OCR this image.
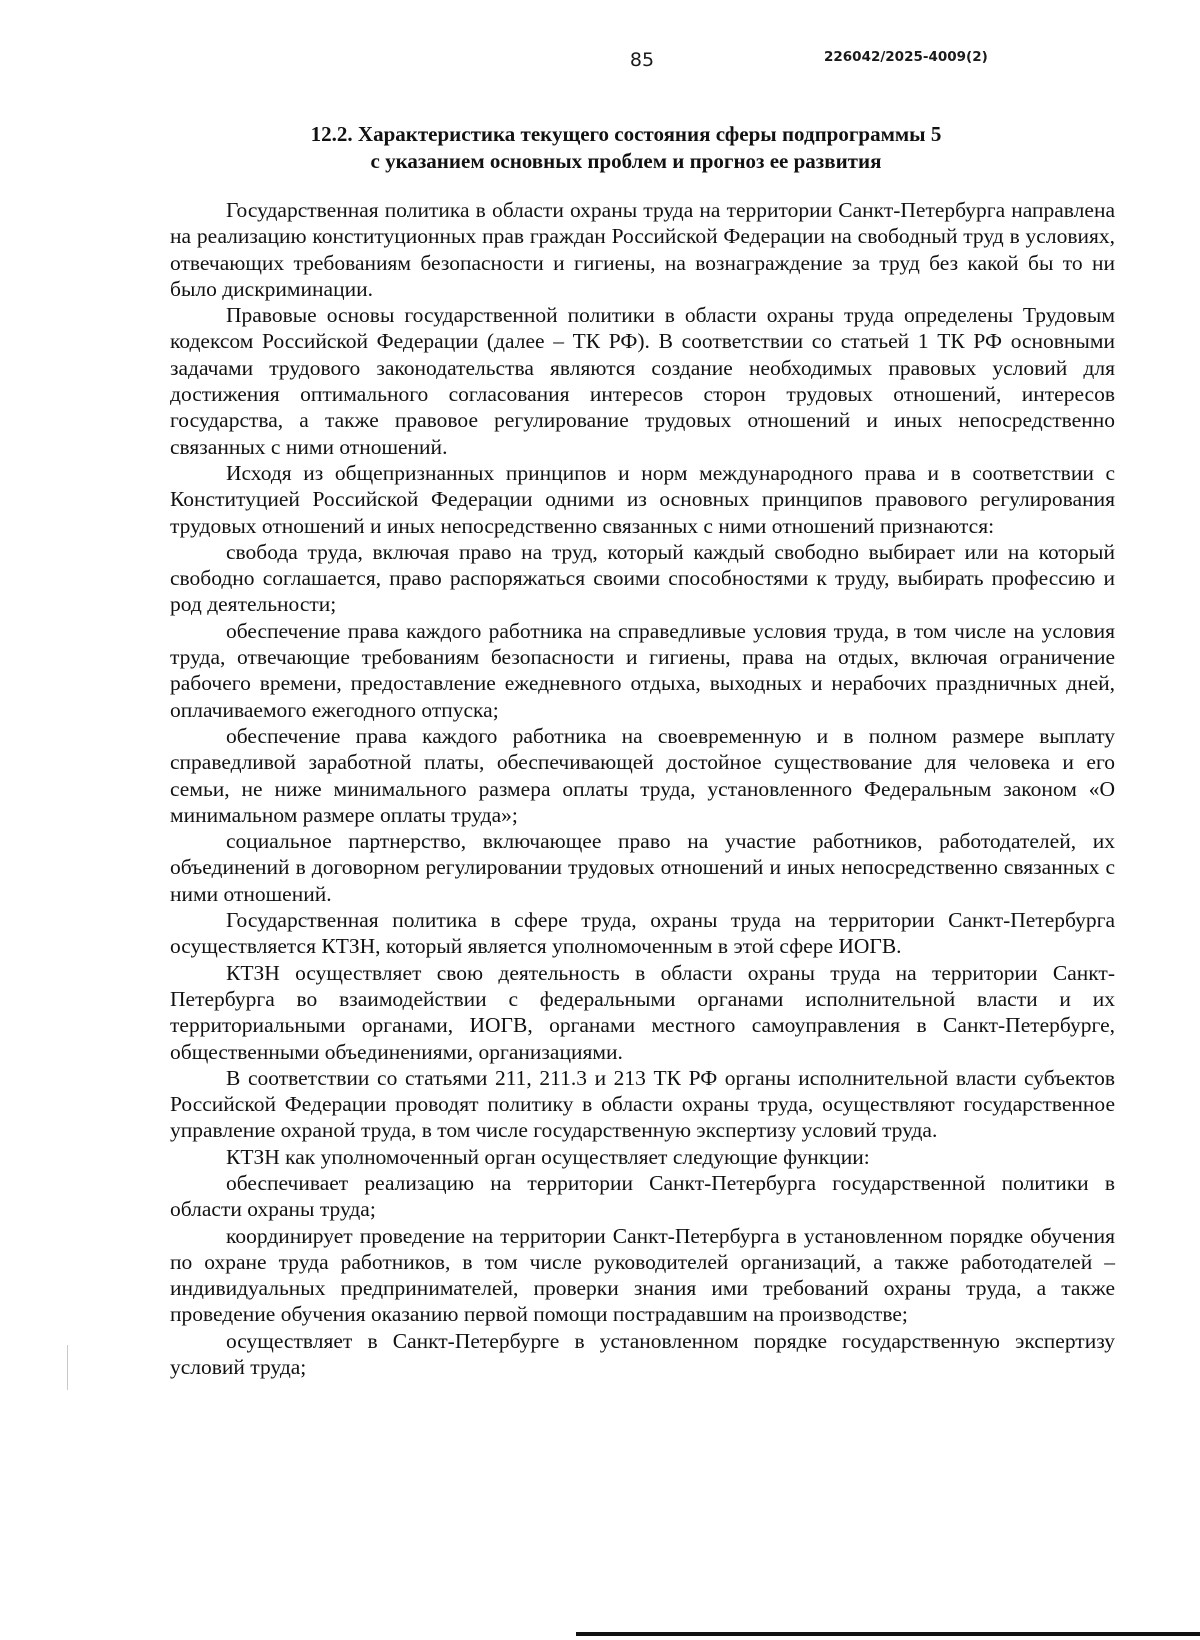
85	226042/2025-4009(2)
12.2. Характеристика текущего состояния сферы подпрограммы 5
с указанием основных проблем и прогноз ее развития

Государственная политика в области охраны труда на территории Санкт-Петербурга направлена на реализацию конституционных прав граждан Российской Федерации на свободный труд в условиях, отвечающих требованиям безопасности и гигиены, на вознаграждение за труд без какой бы то ни было дискриминации.

Правовые основы государственной политики в области охраны труда определены Трудовым кодексом Российской Федерации (далее – ТК РФ). В соответствии со статьей 1 ТК РФ основными задачами трудового законодательства являются создание необходимых правовых условий для достижения оптимального согласования интересов сторон трудовых отношений, интересов государства, а также правовое регулирование трудовых отношений и иных непосредственно связанных с ними отношений.

Исходя из общепризнанных принципов и норм международного права и в соответствии с Конституцией Российской Федерации одними из основных принципов правового регулирования трудовых отношений и иных непосредственно связанных с ними отношений признаются:

свобода труда, включая право на труд, который каждый свободно выбирает или на который свободно соглашается, право распоряжаться своими способностями к труду, выбирать профессию и род деятельности;

обеспечение права каждого работника на справедливые условия труда, в том числе на условия труда, отвечающие требованиям безопасности и гигиены, права на отдых, включая ограничение рабочего времени, предоставление ежедневного отдыха, выходных и нерабочих праздничных дней, оплачиваемого ежегодного отпуска;

обеспечение права каждого работника на своевременную и в полном размере выплату справедливой заработной платы, обеспечивающей достойное существование для человека и его семьи, не ниже минимального размера оплаты труда, установленного Федеральным законом «О минимальном размере оплаты труда»;

социальное партнерство, включающее право на участие работников, работодателей, их объединений в договорном регулировании трудовых отношений и иных непосредственно связанных с ними отношений.

Государственная политика в сфере труда, охраны труда на территории Санкт-Петербурга осуществляется КТЗН, который является уполномоченным в этой сфере ИОГВ.

КТЗН осуществляет свою деятельность в области охраны труда на территории Санкт-Петербурга во взаимодействии с федеральными органами исполнительной власти и их территориальными органами, ИОГВ, органами местного самоуправления в Санкт-Петербурге, общественными объединениями, организациями.

В соответствии со статьями 211, 211.3 и 213 ТК РФ органы исполнительной власти субъектов Российской Федерации проводят политику в области охраны труда, осуществляют государственное управление охраной труда, в том числе государственную экспертизу условий труда.

КТЗН как уполномоченный орган осуществляет следующие функции:

обеспечивает реализацию на территории Санкт-Петербурга государственной политики в области охраны труда;

координирует проведение на территории Санкт-Петербурга в установленном порядке обучения по охране труда работников, в том числе руководителей организаций, а также работодателей – индивидуальных предпринимателей, проверки знания ими требований охраны труда, а также проведение обучения оказанию первой помощи пострадавшим на производстве;

осуществляет в Санкт-Петербурге в установленном порядке государственную экспертизу условий труда;
